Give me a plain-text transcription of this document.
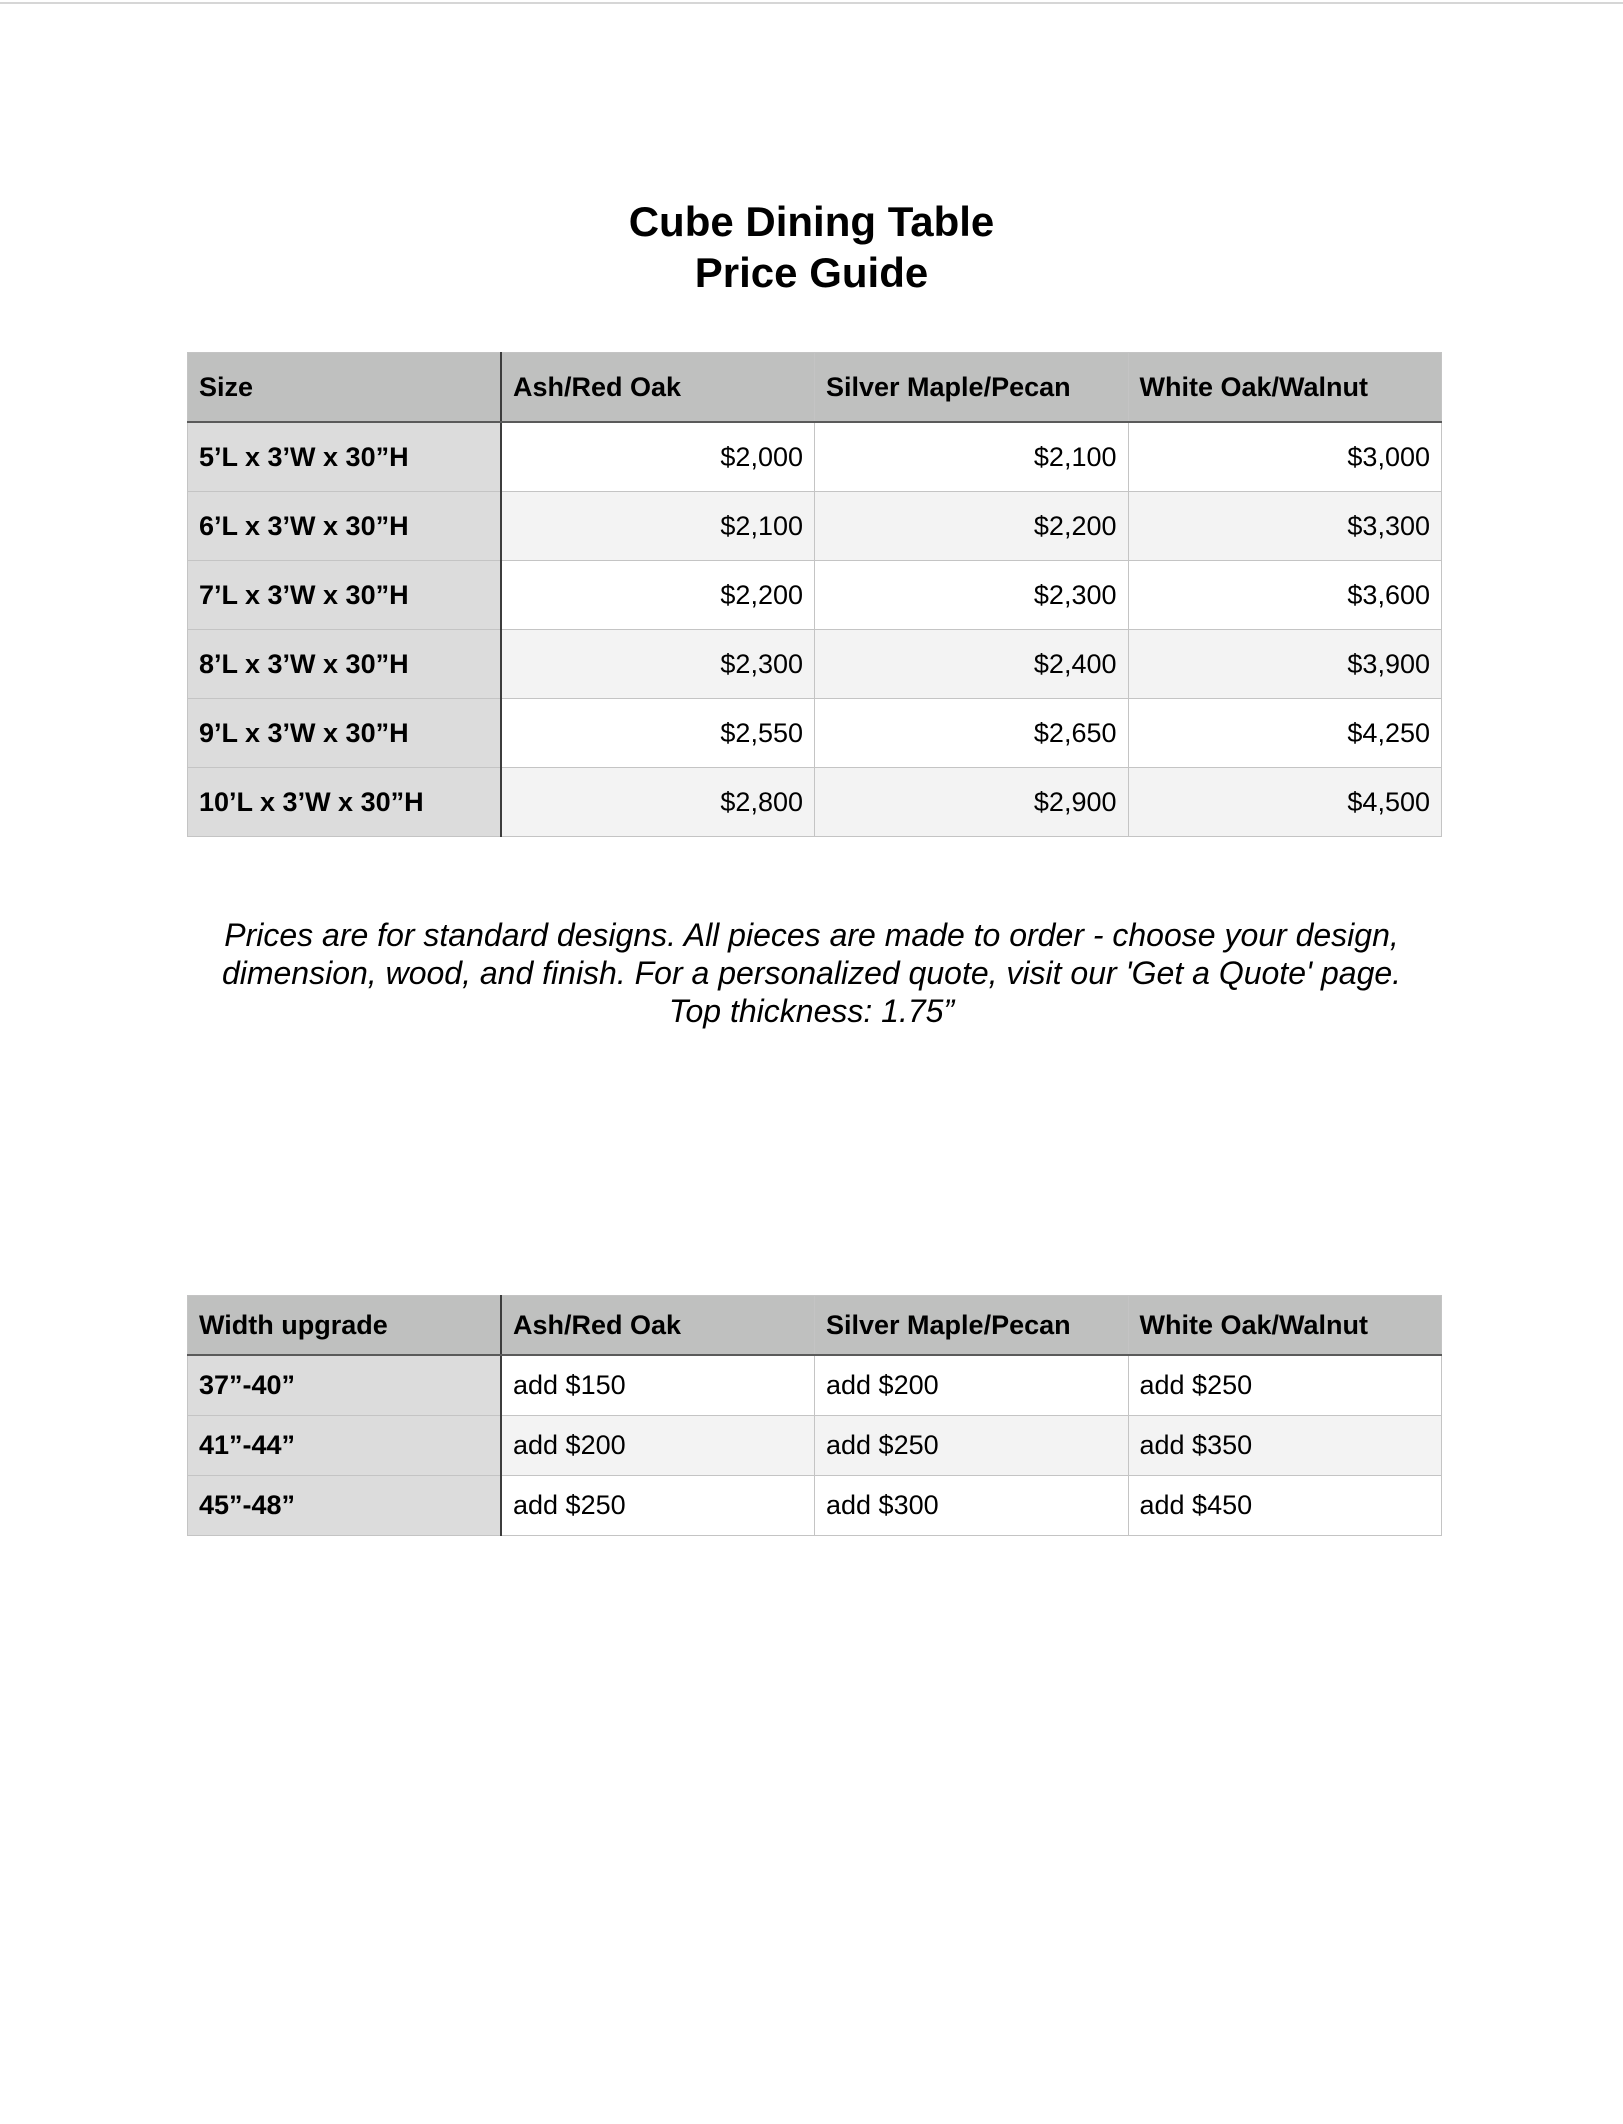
Cube Dining Table
Price Guide
Size	Ash/Red Oak	Silver Maple/Pecan	White Oak/Walnut
5’L x 3’W x 30”H	$2,000	$2,100	$3,000
6’L x 3’W x 30”H	$2,100	$2,200	$3,300
7’L x 3’W x 30”H	$2,200	$2,300	$3,600
8’L x 3’W x 30”H	$2,300	$2,400	$3,900
9’L x 3’W x 30”H	$2,550	$2,650	$4,250
10’L x 3’W x 30”H	$2,800	$2,900	$4,500
Prices are for standard designs. All pieces are made to order - choose your design,
dimension, wood, and finish. For a personalized quote, visit our 'Get a Quote' page.
Top thickness: 1.75”
Width upgrade	Ash/Red Oak	Silver Maple/Pecan	White Oak/Walnut
37”-40”	add $150	add $200	add $250
41”-44”	add $200	add $250	add $350
45”-48”	add $250	add $300	add $450
